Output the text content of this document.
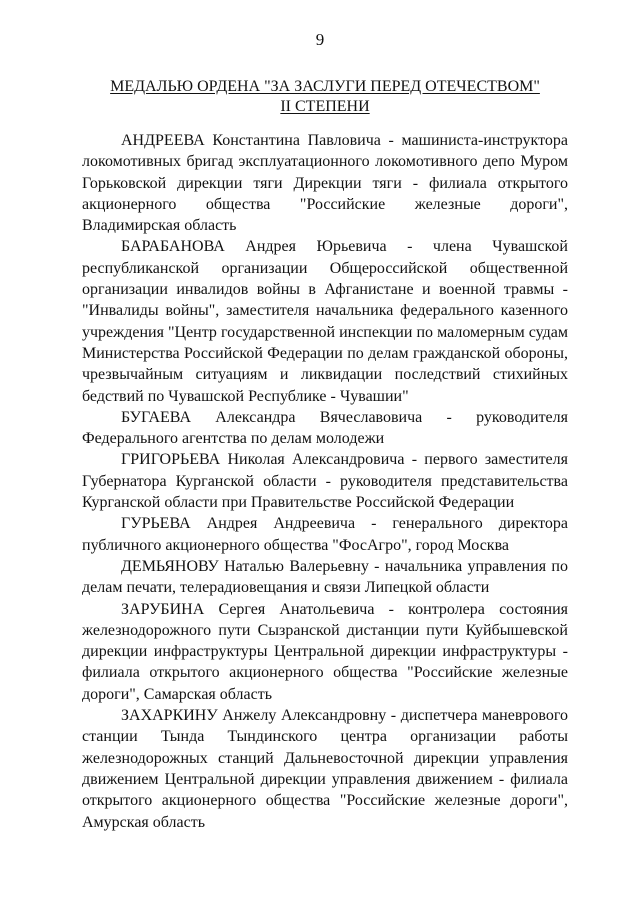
9
МЕДАЛЬЮ ОРДЕНА "ЗА ЗАСЛУГИ ПЕРЕД ОТЕЧЕСТВОМ"
II СТЕПЕНИ

АНДРЕЕВА Константина Павловича - машиниста-инструктора локомотивных бригад эксплуатационного локомотивного депо Муром Горьковской дирекции тяги Дирекции тяги - филиала открытого акционерного общества "Российские железные дороги", Владимирская область

БАРАБАНОВА Андрея Юрьевича - члена Чувашской республиканской организации Общероссийской общественной организации инвалидов войны в Афганистане и военной травмы - "Инвалиды войны", заместителя начальника федерального казенного учреждения "Центр государственной инспекции по маломерным судам Министерства Российской Федерации по делам гражданской обороны, чрезвычайным ситуациям и ликвидации последствий стихийных бедствий по Чувашской Республике - Чувашии"

БУГАЕВА Александра Вячеславовича - руководителя Федерального агентства по делам молодежи

ГРИГОРЬЕВА Николая Александровича - первого заместителя Губернатора Курганской области - руководителя представительства Курганской области при Правительстве Российской Федерации

ГУРЬЕВА Андрея Андреевича - генерального директора публичного акционерного общества "ФосАгро", город Москва

ДЕМЬЯНОВУ Наталью Валерьевну - начальника управления по делам печати, телерадиовещания и связи Липецкой области

ЗАРУБИНА Сергея Анатольевича - контролера состояния железнодорожного пути Сызранской дистанции пути Куйбышевской дирекции инфраструктуры Центральной дирекции инфраструктуры - филиала открытого акционерного общества "Российские железные дороги", Самарская область

ЗАХАРКИНУ Анжелу Александровну - диспетчера маневрового станции Тында Тындинского центра организации работы железнодорожных станций Дальневосточной дирекции управления движением Центральной дирекции управления движением - филиала открытого акционерного общества "Российские железные дороги", Амурская область
